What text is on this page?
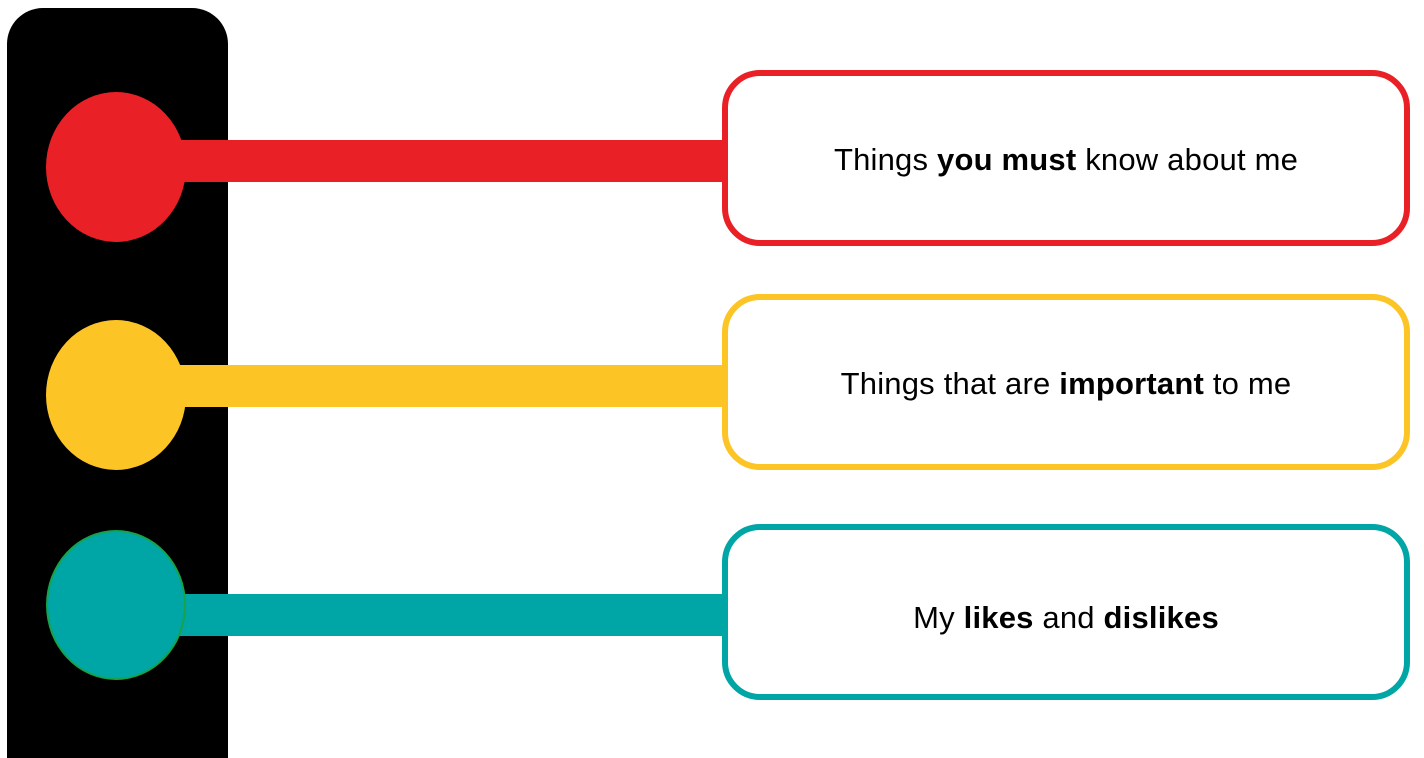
Things you must know about me
Things that are important to me
My likes and dislikes
